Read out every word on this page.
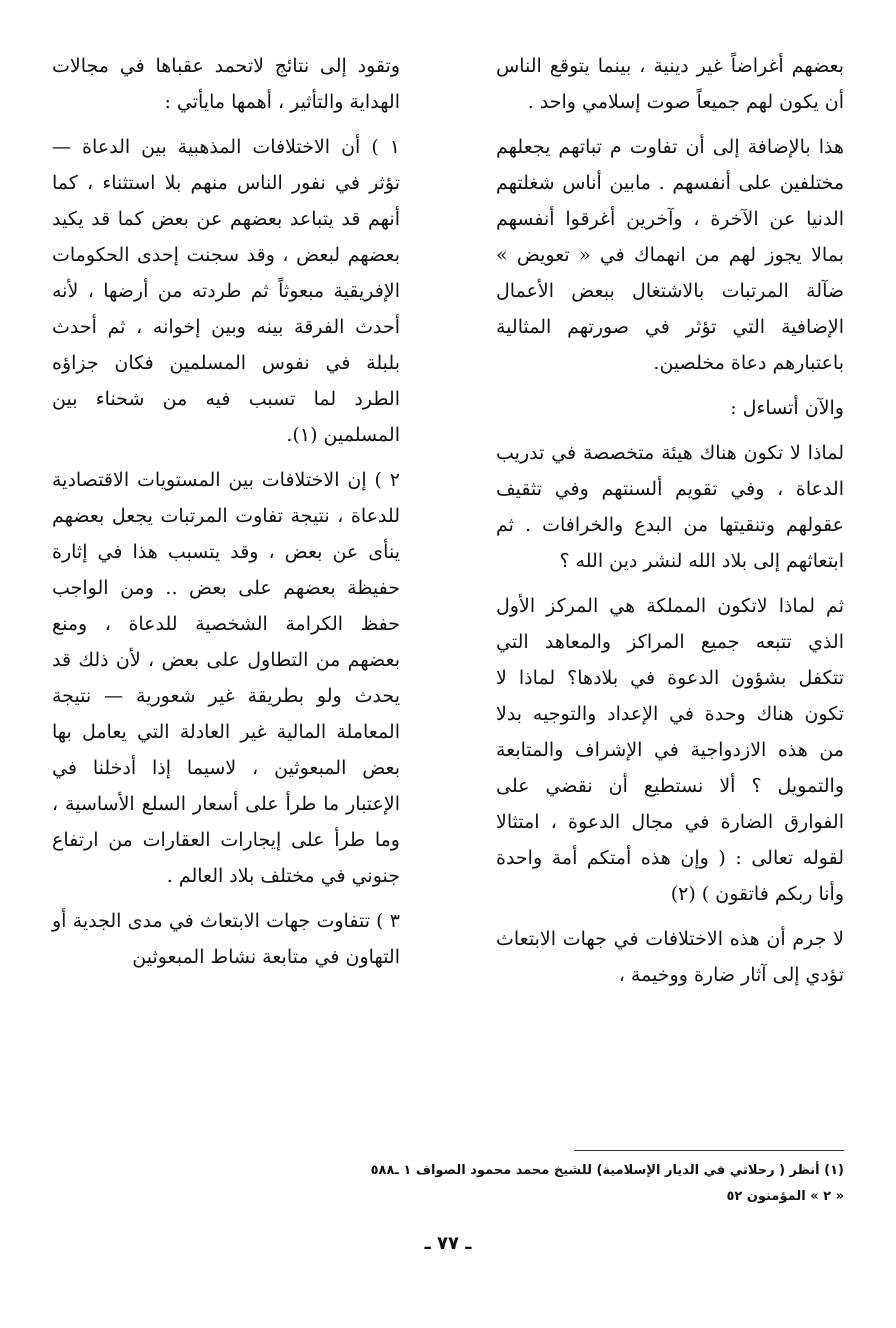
بعضهم أغراضاً غير دينية ، بينما يتوقع الناس أن يكون لهم جميعاً صوت إسلامي واحد .

هذا بالإضافة إلى أن تفاوت م تباتهم يجعلهم مختلفين على أنفسهم . مابين أناس شغلتهم الدنيا عن الآخرة ، وآخرين أغرقوا أنفسهم بمالا يجوز لهم من انهماك في « تعويض » ضآلة المرتبات بالاشتغال ببعض الأعمال الإضافية التي تؤثر في صورتهم المثالية باعتبارهم دعاة مخلصين.

والآن أتساءل :

لماذا لا تكون هناك هيئة متخصصة في تدريب الدعاة ، وفي تقويم ألسنتهم وفي تثقيف عقولهم وتنقيتها من البدع والخرافات . ثم ابتعاثهم إلى بلاد الله لنشر دين الله ؟

ثم لماذا لاتكون المملكة هي المركز الأول الذي تتبعه جميع المراكز والمعاهد التي تتكفل بشؤون الدعوة في بلادها؟ لماذا لا تكون هناك وحدة في الإعداد والتوجيه بدلا من هذه الازدواجية في الإشراف والمتابعة والتمويل ؟ ألا نستطيع أن نقضي على الفوارق الضارة في مجال الدعوة ، امتثالا لقوله تعالى : ( وإن هذه أمتكم أمة واحدة وأنا ربكم فاتقون ) (٢)

لا جرم أن هذه الاختلافات في جهات الابتعاث تؤدي إلى آثار ضارة ووخيمة ،

وتقود إلى نتائج لاتحمد عقباها في مجالات الهداية والتأثير ، أهمها مايأتي :

١ ) أن الاختلافات المذهبية بين الدعاة — تؤثر في نفور الناس منهم بلا استثناء ، كما أنهم قد يتباعد بعضهم عن بعض كما قد يكيد بعضهم لبعض ، وقد سجنت إحدى الحكومات الإفريقية مبعوثاً ثم طردته من أرضها ، لأنه أحدث الفرقة بينه وبين إخوانه ، ثم أحدث بلبلة في نفوس المسلمين فكان جزاؤه الطرد لما تسبب فيه من شحناء بين المسلمين (١).

٢ ) إن الاختلافات بين المستويات الاقتصادية للدعاة ، نتيجة تفاوت المرتبات يجعل بعضهم ينأى عن بعض ، وقد يتسبب هذا في إثارة حفيظة بعضهم على بعض .. ومن الواجب حفظ الكرامة الشخصية للدعاة ، ومنع بعضهم من التطاول على بعض ، لأن ذلك قد يحدث ولو بطريقة غير شعورية — نتيجة المعاملة المالية غير العادلة التي يعامل بها بعض المبعوثين ، لاسيما إذا أدخلنا في الإعتبار ما طرأ على أسعار السلع الأساسية ، وما طرأ على إيجارات العقارات من ارتفاع جنوني في مختلف بلاد العالم .

٣ ) تتفاوت جهات الابتعاث في مدى الجدية أو التهاون في متابعة نشاط المبعوثين

(١) أنظر ( رحلاتي في الديار الإسلامية) للشيخ محمد محمود الصواف ١ ـ٥٨٨
« ٢ » المؤمنون ٥٢
ـ ٧٧ ـ
